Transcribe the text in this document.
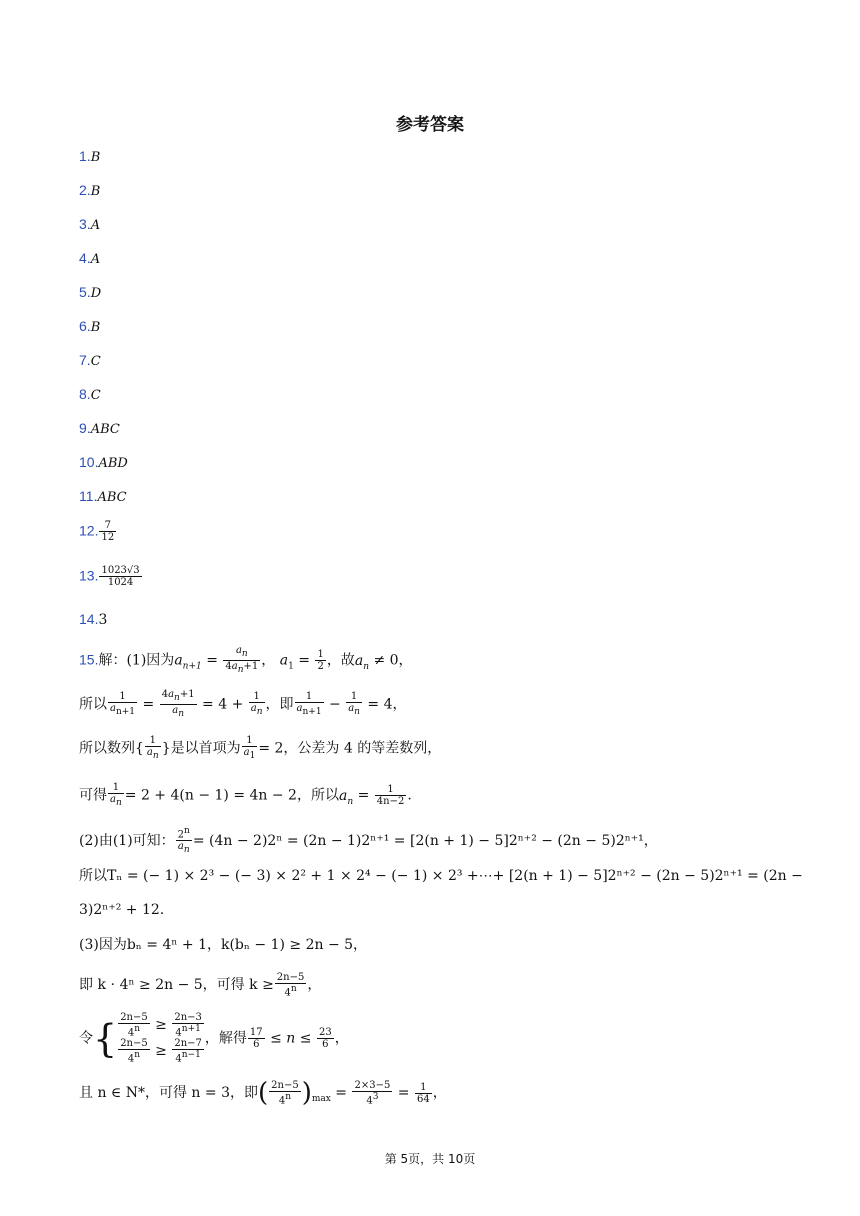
参考答案
1.B
2.B
3.A
4.A
5.D
6.B
7.C
8.C
9.ABC
10.ABD
11.ABC
12. $\frac{7}{12}$
13. $\frac{1023√3}{1024}$
14.3
15.解：(1)因为$a_{n+1} = \frac{a_n}{4a_n+1}$ ， $a_1 = \frac{1}{2}$ ，故$a_n \ne 0$，
所以 $\frac{1}{a_{n+1}} = \frac{4a_n+1}{a_n} = 4 + \frac{1}{a_n}$ ，即 $\frac{1}{a_{n+1}} - \frac{1}{a_n} = 4$，
所以数列{ $\frac{1}{a_n}$ }是以首项为 $\frac{1}{a_1} = 2$，公差为 4 的等差数列，
可得 $\frac{1}{a_n} = 2 + 4(n - 1) = 4n - 2$，所以$a_n = \frac{1}{4n-2}$ .
(2)由(1)可知： $\frac{2^n}{a_n} = (4n - 2)2^n = (2n - 1)2^{n+1} = [2(n + 1) - 5]2^{n+2} - (2n - 5)2^{n+1}$，
所以Tₙ = (− 1) × 2³ − (− 3) × 2² + 1 × 2⁴ − (− 1) × 2³ +⋯+ [2(n + 1) − 5]2ⁿ⁺² − (2n − 5)2ⁿ⁺¹ = (2n −
3)2ⁿ⁺² + 12.
(3)因为bₙ = 4ⁿ + 1，k(bₙ − 1) ≥ 2n − 5，
即 k ⋅ 4ⁿ ≥ 2n − 5，可得 $k \ge \frac{2n-5}{4^n}$ ，
令{ $\frac{2n-5}{4^n} \ge \frac{2n-3}{4^{n+1}}$
$\frac{2n-5}{4^n} \ge \frac{2n-7}{4^{n-1}}$ ，解得 $\frac{17}{6} \le n \le \frac{23}{6}$ ，
且 n ∈ N*，可得 n = 3，即( $\frac{2n-5}{4^n} )_{max} = \frac{2\times 3-5}{4^3} = \frac{1}{64}$ ，
第 5页，共 10页
